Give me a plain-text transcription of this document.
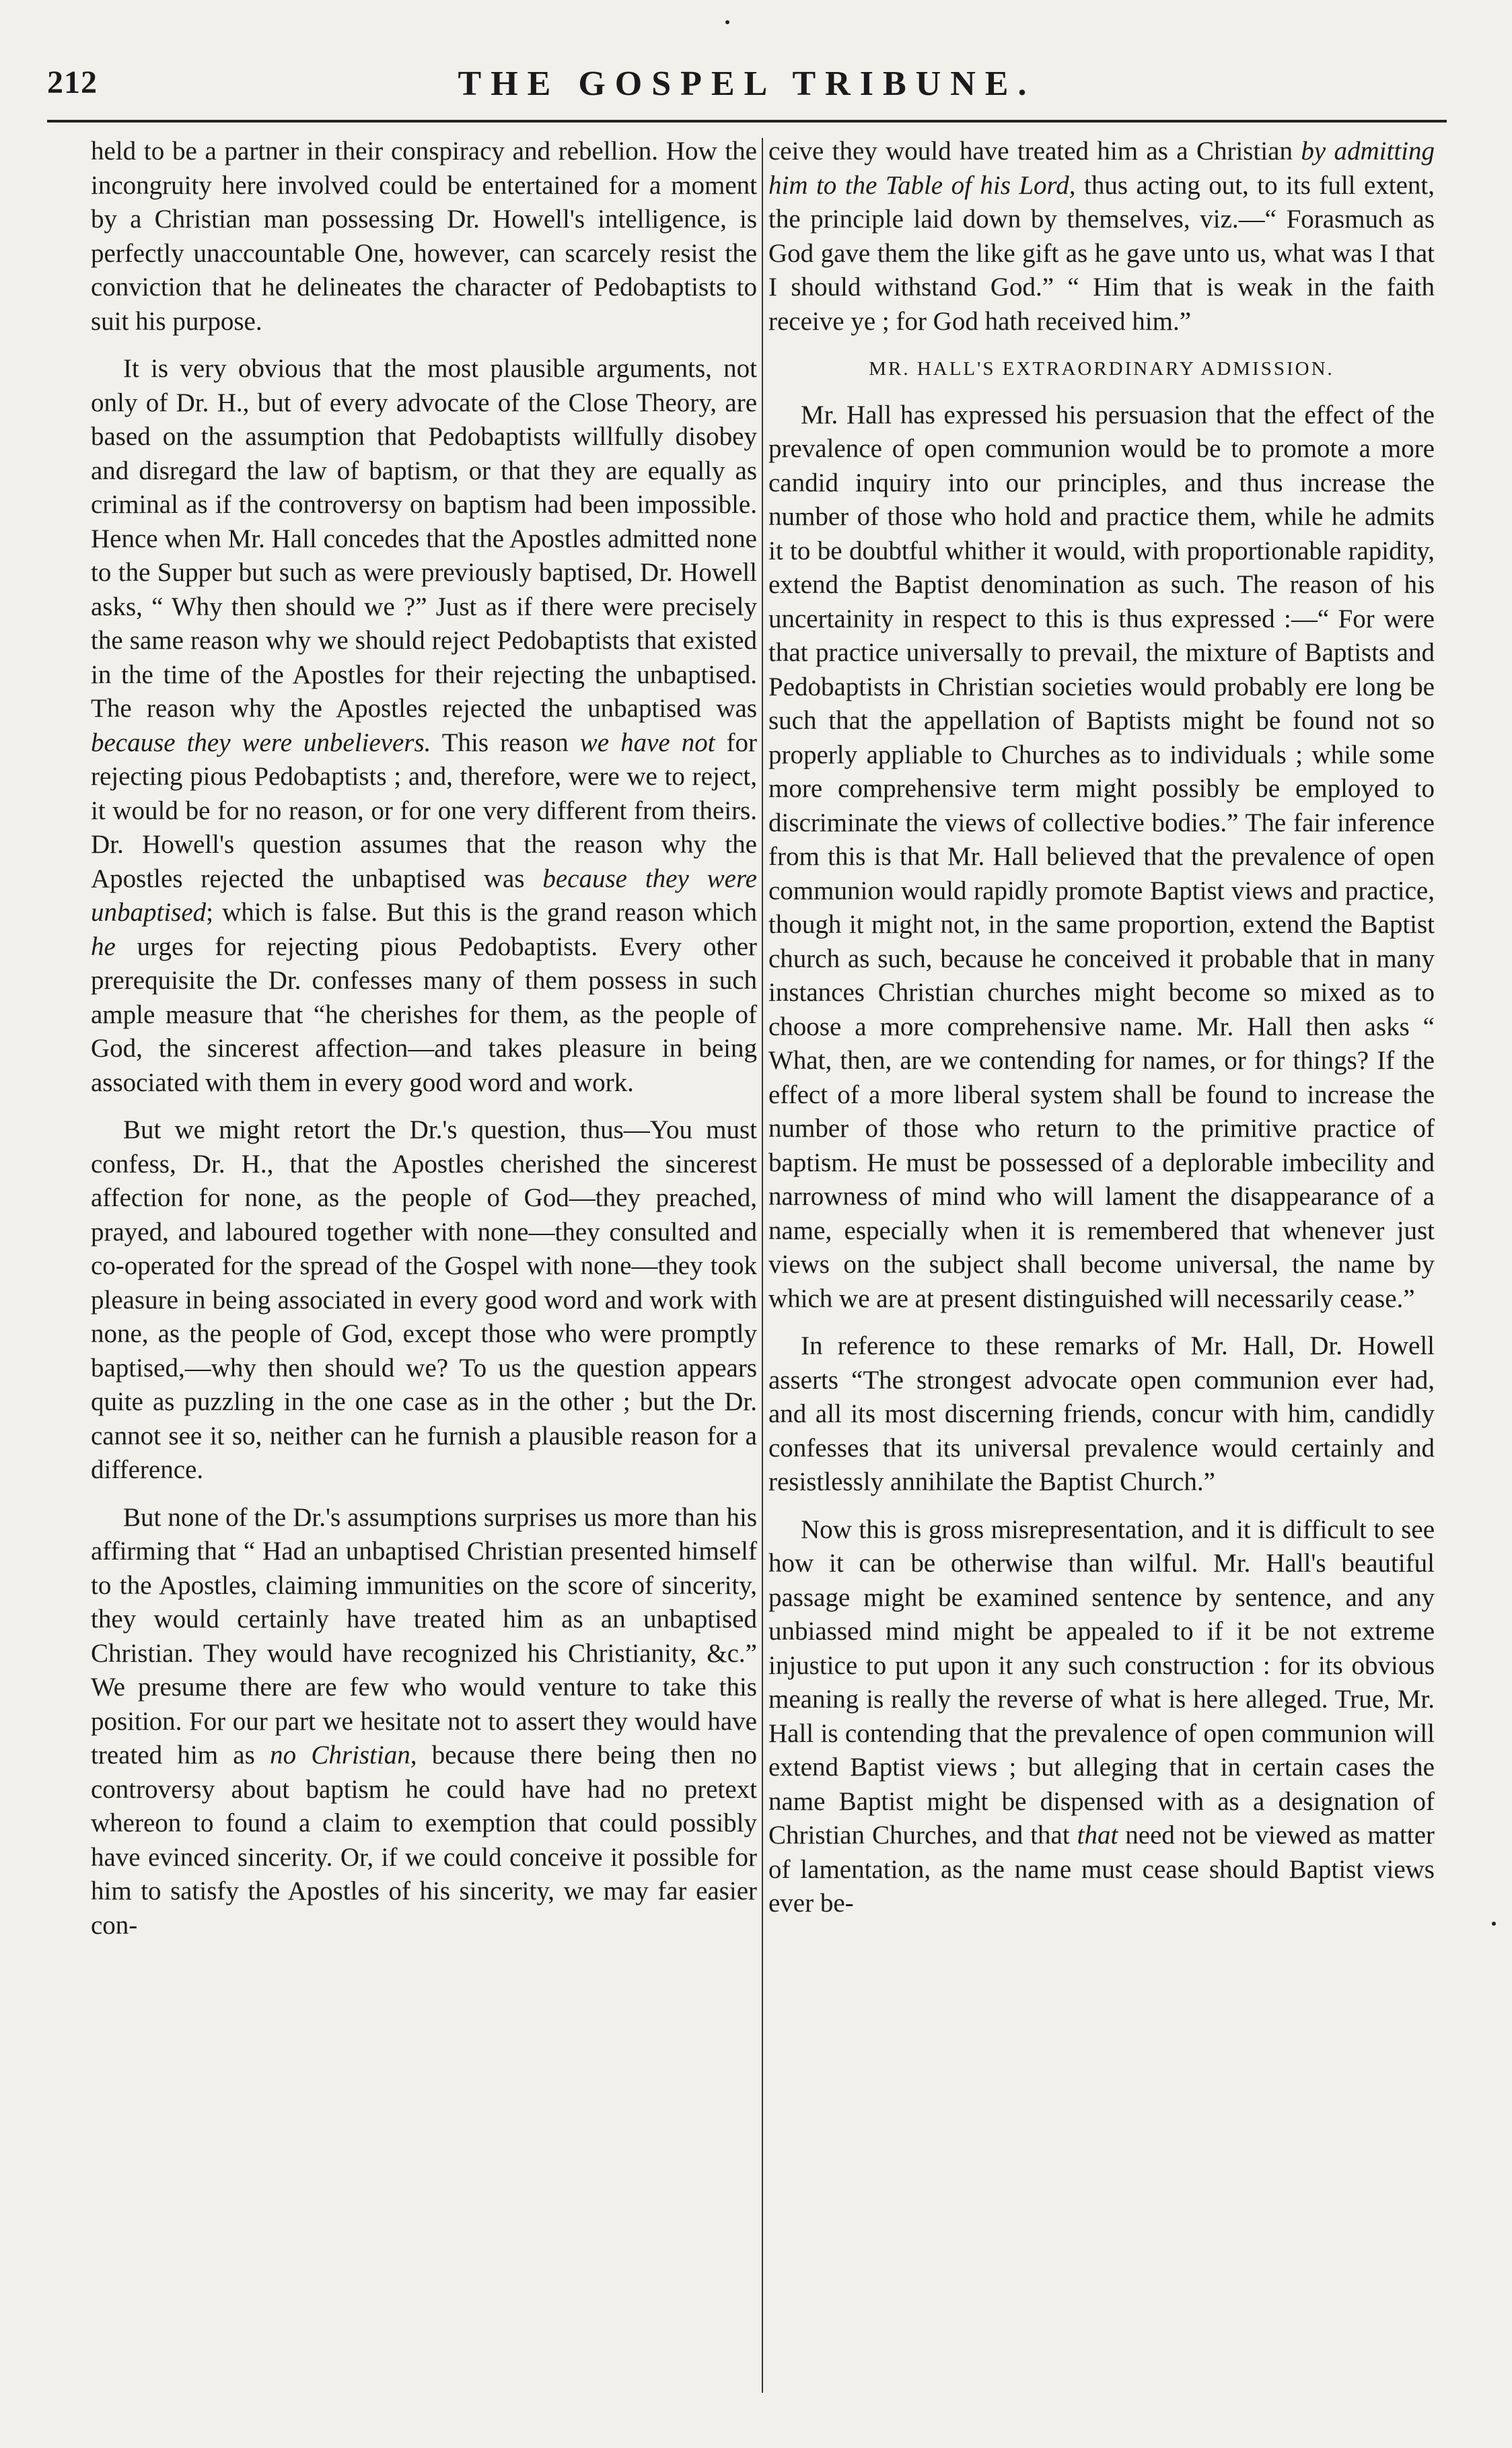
THE GOSPEL TRIBUNE.
212

held to be a partner in their conspiracy and rebellion. How the incongruity here involved could be entertained for a moment by a Christian man possessing Dr. Howell's intelligence, is perfectly unaccountable One, however, can scarcely resist the conviction that he delineates the character of Pedobaptists to suit his purpose.

It is very obvious that the most plausible arguments, not only of Dr. H., but of every advocate of the Close Theory, are based on the assumption that Pedobaptists willfully disobey and disregard the law of baptism, or that they are equally as criminal as if the controversy on baptism had been impossible. Hence when Mr. Hall concedes that the Apostles admitted none to the Supper but such as were previously baptised, Dr. Howell asks, “ Why then should we ?” Just as if there were precisely the same reason why we should reject Pedobaptists that existed in the time of the Apostles for their rejecting the unbaptised. The reason why the Apostles rejected the unbaptised was because they were unbelievers. This reason we have not for rejecting pious Pedobaptists ; and, therefore, were we to reject, it would be for no reason, or for one very different from theirs. Dr. Howell's question assumes that the reason why the Apostles rejected the unbaptised was because they were unbaptised; which is false. But this is the grand reason which he urges for rejecting pious Pedobaptists. Every other prerequisite the Dr. confesses many of them possess in such ample measure that “he cherishes for them, as the people of God, the sincerest affection—and takes pleasure in being associated with them in every good word and work.

But we might retort the Dr.'s question, thus—You must confess, Dr. H., that the Apostles cherished the sincerest affection for none, as the people of God—they preached, prayed, and laboured together with none—they consulted and co-operated for the spread of the Gospel with none—they took pleasure in being associated in every good word and work with none, as the people of God, except those who were promptly baptised,—why then should we? To us the question appears quite as puzzling in the one case as in the other ; but the Dr. cannot see it so, neither can he furnish a plausible reason for a difference.

But none of the Dr.'s assumptions surprises us more than his affirming that “ Had an unbaptised Christian presented himself to the Apostles, claiming immunities on the score of sincerity, they would certainly have treated him as an unbaptised Christian. They would have recognized his Christianity, &c.” We presume there are few who would venture to take this position. For our part we hesitate not to assert they would have treated him as no Christian, because there being then no controversy about baptism he could have had no pretext whereon to found a claim to exemption that could possibly have evinced sincerity. Or, if we could conceive it possible for him to satisfy the Apostles of his sincerity, we may far easier con-

ceive they would have treated him as a Christian by admitting him to the Table of his Lord, thus acting out, to its full extent, the principle laid down by themselves, viz.—“ Forasmuch as God gave them the like gift as he gave unto us, what was I that I should withstand God.” “ Him that is weak in the faith receive ye ; for God hath received him.”

MR. HALL'S EXTRAORDINARY ADMISSION.

Mr. Hall has expressed his persuasion that the effect of the prevalence of open communion would be to promote a more candid inquiry into our principles, and thus increase the number of those who hold and practice them, while he admits it to be doubtful whither it would, with proportionable rapidity, extend the Baptist denomination as such. The reason of his uncertainity in respect to this is thus expressed :—“ For were that practice universally to prevail, the mixture of Baptists and Pedobaptists in Christian societies would probably ere long be such that the appellation of Baptists might be found not so properly appliable to Churches as to individuals ; while some more comprehensive term might possibly be employed to discriminate the views of collective bodies.” The fair inference from this is that Mr. Hall believed that the prevalence of open communion would rapidly promote Baptist views and practice, though it might not, in the same proportion, extend the Baptist church as such, because he conceived it probable that in many instances Christian churches might become so mixed as to choose a more comprehensive name. Mr. Hall then asks “ What, then, are we contending for names, or for things? If the effect of a more liberal system shall be found to increase the number of those who return to the primitive practice of baptism. He must be possessed of a deplorable imbecility and narrowness of mind who will lament the disappearance of a name, especially when it is remembered that whenever just views on the subject shall become universal, the name by which we are at present distinguished will necessarily cease.”

In reference to these remarks of Mr. Hall, Dr. Howell asserts “The strongest advocate open communion ever had, and all its most discerning friends, concur with him, candidly confesses that its universal prevalence would certainly and resistlessly annihilate the Baptist Church.”

Now this is gross misrepresentation, and it is difficult to see how it can be otherwise than wilful. Mr. Hall's beautiful passage might be examined sentence by sentence, and any unbiassed mind might be appealed to if it be not extreme injustice to put upon it any such construction : for its obvious meaning is really the reverse of what is here alleged. True, Mr. Hall is contending that the prevalence of open communion will extend Baptist views ; but alleging that in certain cases the name Baptist might be dispensed with as a designation of Christian Churches, and that that need not be viewed as matter of lamentation, as the name must cease should Baptist views ever be-
